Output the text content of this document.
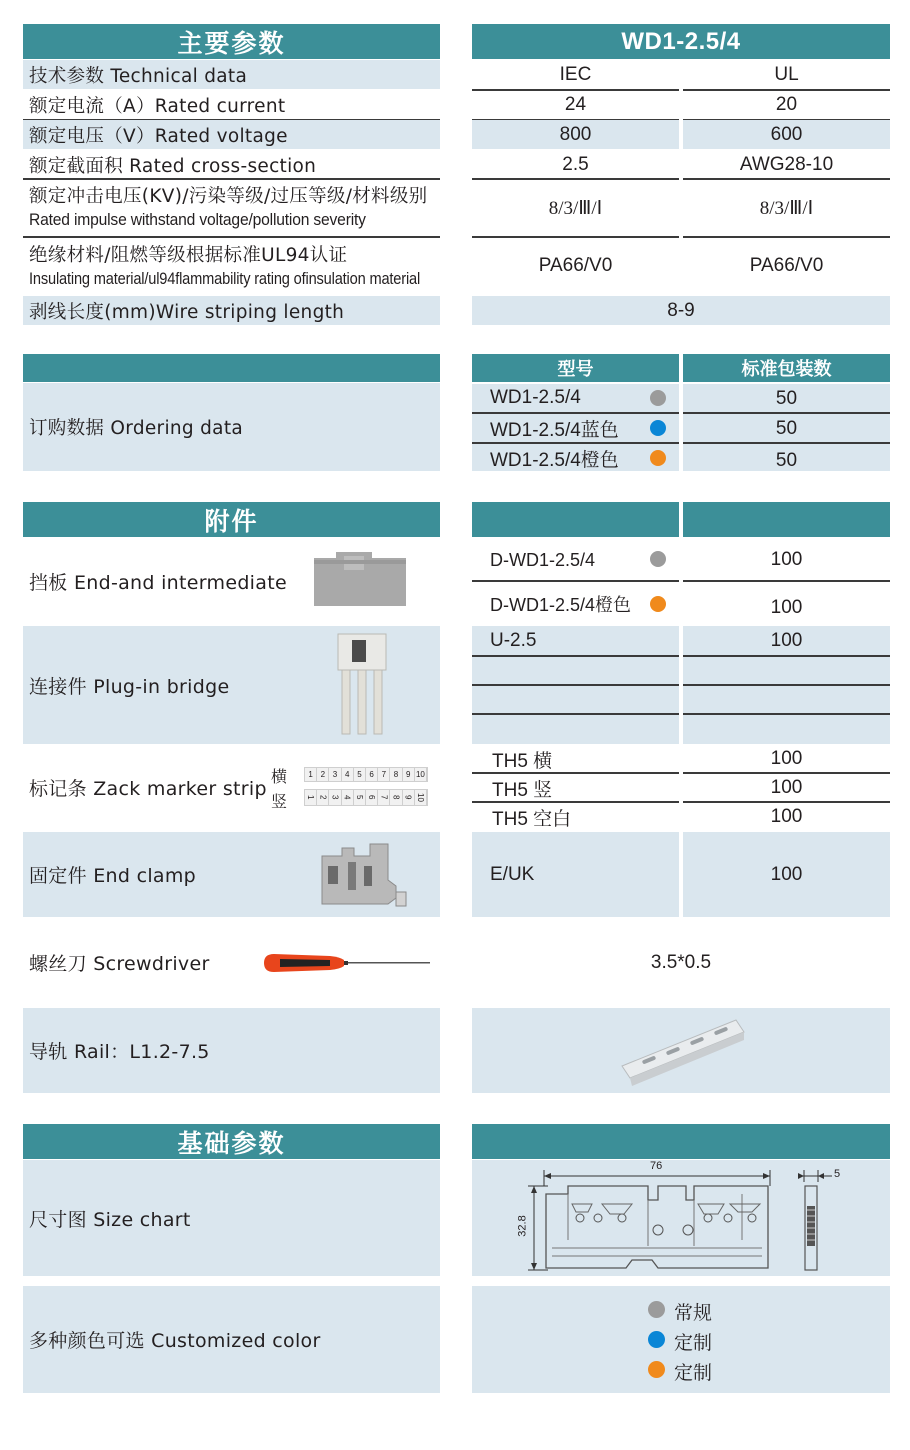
主要参数	WD1-2.5/4
技术参数 Technical data	IEC	UL
额定电流（A）Rated current	24	20
额定电压（V）Rated voltage	800	600
额定截面积 Rated cross-section	2.5	AWG28-10
额定冲击电压(KV)/污染等级/过压等级/材料级别
Rated impulse withstand voltage/pollution severity
8/3/Ⅲ/Ⅰ	8/3/Ⅲ/Ⅰ
绝缘材料/阻燃等级根据标准UL94认证
Insulating material/ul94flammability rating ofinsulation material
PA66/V0	PA66/V0
剥线长度(mm)Wire striping length	8-9
订购数据 Ordering data
型号	标准包装数
WD1-2.5/4	50
WD1-2.5/4蓝色	50
WD1-2.5/4橙色	50
附件
挡板 End-and intermediate
D-WD1-2.5/4	100
D-WD1-2.5/4橙色	100
连接件 Plug-in bridge
U-2.5	100
标记条 Zack marker strip
横
竖
1 2 3 4 5 6 7 8 9 10
1 2 3 4 5 6 7 8 9 10
TH5 横	100
TH5 竖	100
TH5 空白	100
固定件 End clamp	E/UK	100
螺丝刀 Screwdriver	3.5*0.5
导轨 Rail：L1.2-7.5
基础参数
尺寸图 Size chart
76
32.8
5
多种颜色可选 Customized color
常规
定制
定制
